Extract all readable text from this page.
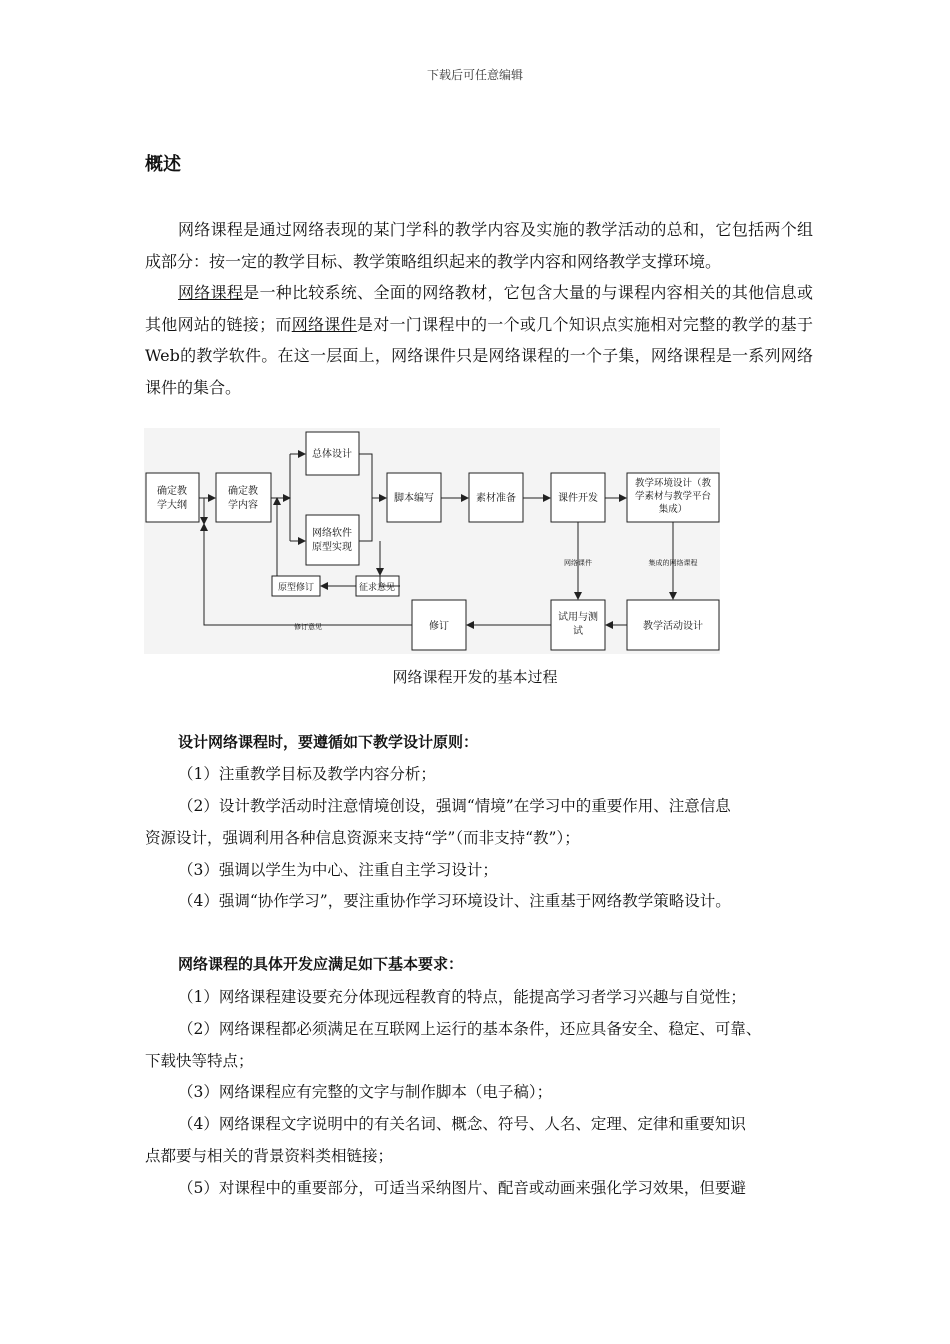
下载后可任意编辑
概述

网络课程是通过网络表现的某门学科的教学内容及实施的教学活动的总和，它包括两个组成部分：按一定的教学目标、教学策略组织起来的教学内容和网络教学支撑环境。

网络课程是一种比较系统、全面的网络教材，它包含大量的与课程内容相关的其他信息或其他网站的链接；而网络课件是对一门课程中的一个或几个知识点实施相对完整的教学的基于Web的教学软件。在这一层面上，网络课件只是网络课程的一个子集，网络课程是一系列网络课件的集合。

确定教
学大纲
确定教
学内容
总体设计
网络软件
原型实现
脚本编写	素材准备	课件开发
教学环境设计（教
学素材与教学平台
集成）
原型修订	征求意见
修订
试用与测
试	教学活动设计
网络课件	集成的网络课程
修订意见
网络课程开发的基本过程

设计网络课程时，要遵循如下教学设计原则：

（1）注重教学目标及教学内容分析；

（2）设计教学活动时注意情境创设，强调“情境”在学习中的重要作用、注意信息

资源设计，强调利用各种信息资源来支持“学”（而非支持“教”）；

（3）强调以学生为中心、注重自主学习设计；

（4）强调“协作学习”，要注重协作学习环境设计、注重基于网络教学策略设计。

网络课程的具体开发应满足如下基本要求：

（1）网络课程建设要充分体现远程教育的特点，能提高学习者学习兴趣与自觉性；

（2）网络课程都必须满足在互联网上运行的基本条件，还应具备安全、稳定、可靠、

下载快等特点；

（3）网络课程应有完整的文字与制作脚本（电子稿）；

（4）网络课程文字说明中的有关名词、概念、符号、人名、定理、定律和重要知识

点都要与相关的背景资料类相链接；

（5）对课程中的重要部分，可适当采纳图片、配音或动画来强化学习效果，但要避
